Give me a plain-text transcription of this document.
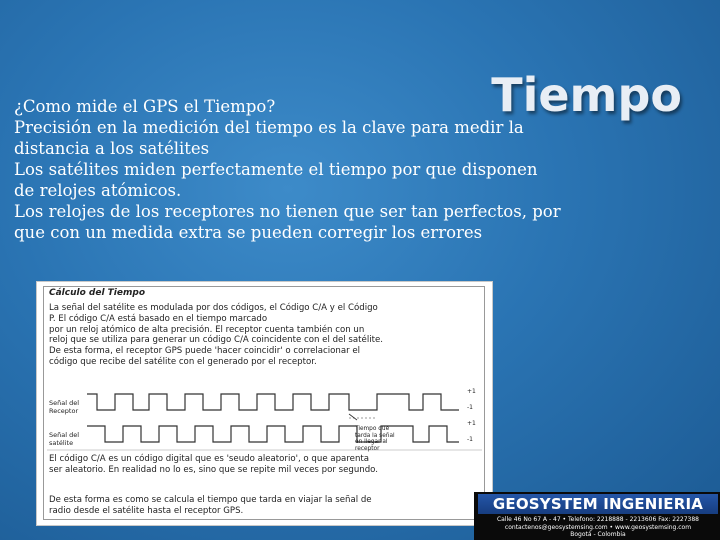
Tiempo

¿Como mide el GPS el Tiempo?

Precisión en la medición del tiempo es la clave para medir la

distancia a los satélites

Los satélites miden perfectamente el tiempo por que disponen

de relojes atómicos.

Los relojes de los receptores no tienen que ser tan perfectos, por

que con un medida extra se pueden corregir los errores

Cálculo del Tiempo
La señal del satélite es modulada por dos códigos, el Código C/A y el Código
P. El código C/A está basado en el tiempo marcado
por un reloj atómico de alta precisión. El receptor cuenta también con un
reloj que se utiliza para generar un código C/A coincidente con el del satélite.
De esta forma, el receptor GPS puede 'hacer coincidir' o correlacionar el
código que recibe del satélite con el generado por el receptor.
Señal del
Receptor
Señal del
satélite
+1
-1
+1
-1
Tiempo que
tarda la señal
en llegar al
receptor
El código C/A es un código digital que es 'seudo aleatorio', o que aparenta
ser aleatorio. En realidad no lo es, sino que se repite mil veces por segundo.
De esta forma es como se calcula el tiempo que tarda en viajar la señal de
radio desde el satélite hasta el receptor GPS.	GEOSYSTEM INGENIERIA
Calle 46 No 67 A - 47 • Telefono: 2218888 - 2213606 Fax: 2227388
contactenos@geosystemsing.com • www.geosystemsing.com
Bogotá - Colombia
